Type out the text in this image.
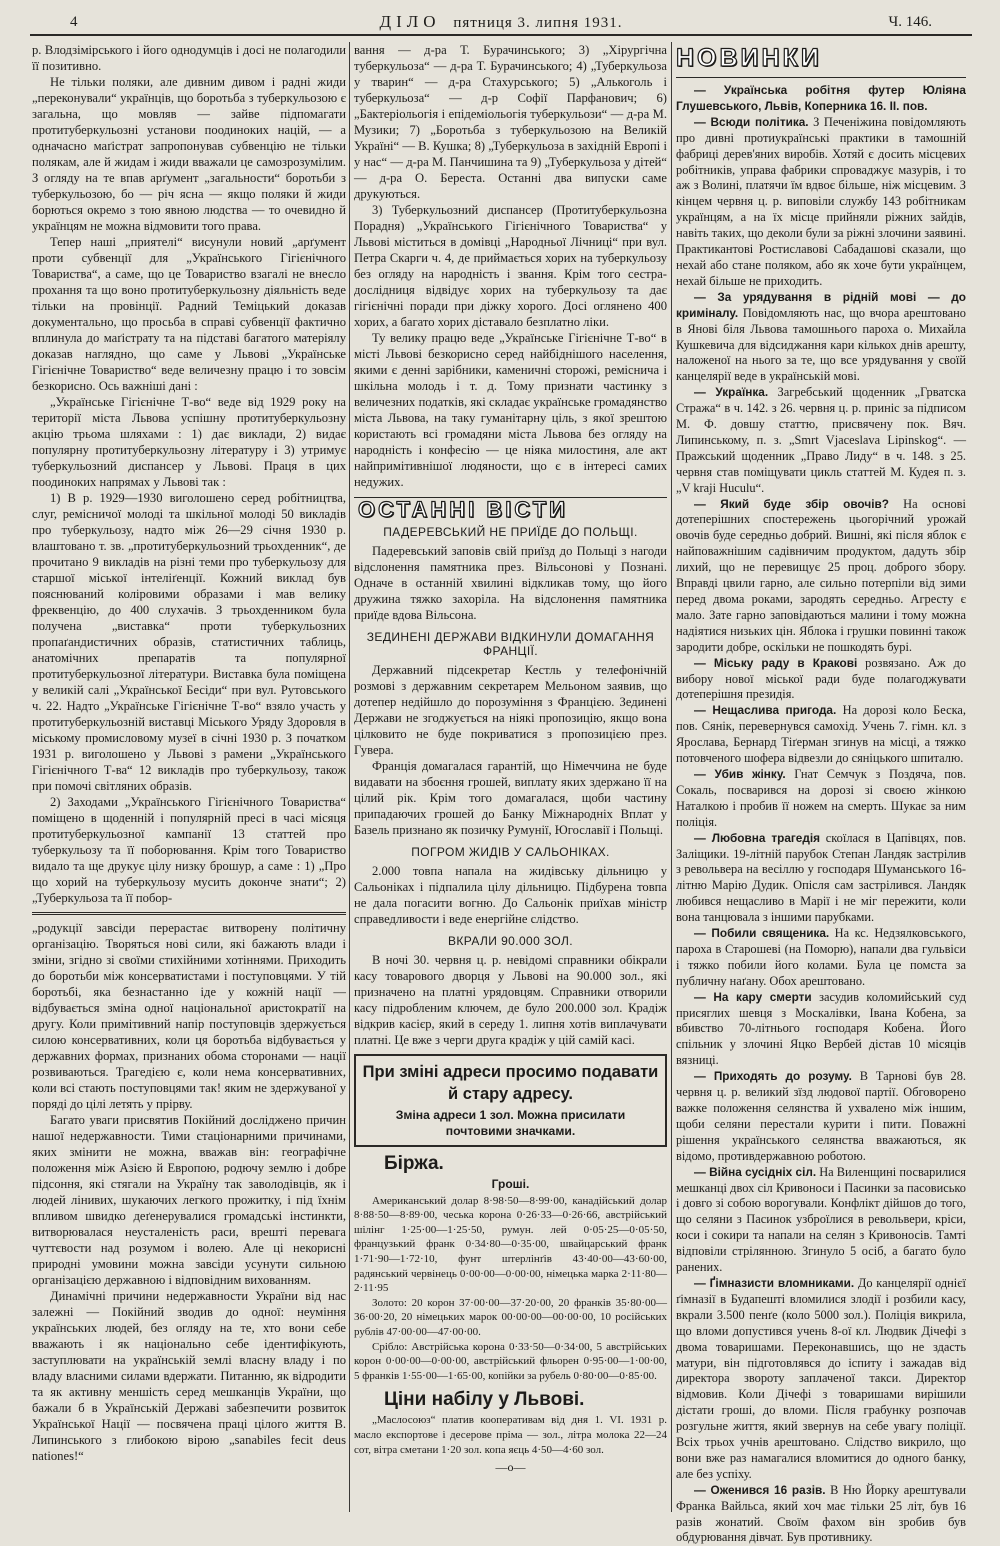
4	ДІЛО пятниця 3. липня 1931.	Ч. 146.

р. Влодзімірського і його однодумців і досі не полагодили її позитивно.

Не тільки поляки, але дивним дивом і радні жиди „переконували“ українців, що боротьба з туберкульозою є загальна, що мовляв — зайве підпомагати протитуберкульозні установи поодиноких націй, — а одначасно маґістрат запропонував субвенцію не тільки полякам, але й жидам і жиди вважали це самозрозумілим. З огляду на те впав арґумент „загальности“ боротьби з туберкульозою, бо — річ ясна — якщо поляки й жиди борються окремо з тою явною людства — то очевидно й українцям не можна відмовити того права.

Тепер наші „приятелі“ висунули новий „арґумент проти субвенції для „Українського Гігієнічного Товариства“, а саме, що це Товариство взагалі не внесло прохання та що воно протитуберкульозну діяльність веде тільки на провінції. Радний Теміцький доказав документально, що просьба в справі субвенції фактично вплинула до маґістрату та на підставі багатого матеріялу доказав наглядно, що саме у Львові „Українське Гігієнічне Товариство“ веде величезну працю і то зовсім безкорисно. Ось важніші дані :

„Українське Гігієнічне Т-во“ веде від 1929 року на території міста Львова успішну протитуберкульозну акцію трьома шляхами : 1) дає виклади, 2) видає популярну протитуберкульозну літературу і 3) утримує туберкульозний диспансер у Львові. Праця в цих поодиноких напрямах у Львові так :

1) В р. 1929—1930 виголошено серед робітництва, слуг, ремісничої молоді та шкільної молоді 50 викладів про туберкульозу, надто між 26—29 січня 1930 р. влаштовано т. зв. „протитуберкульозний трьохденник“, де прочитано 9 викладів на різні теми про туберкульозу для старшої міської інтеліґенції. Кожний виклад був пояснюваний коліровими образами і мав велику фреквенцію, до 400 слухачів. З трьохденником була получена „виставка“ проти туберкульозних пропаґандистичних образів, статистичних таблиць, анатомічних препаратів та популярної протитуберкульозної літератури. Виставка була поміщена у великій салі „Української Бесіди“ при вул. Рутовського ч. 22. Надто „Українське Гігієнічне Т-во“ взяло участь у протитуберкульозній виставці Міського Уряду Здоровля в міському промисловому музеї в січні 1930 р. З початком 1931 р. виголошено у Львові з рамени „Українського Гігієнічного Т-ва“ 12 викладів про туберкульозу, також при помочі світляних образів.

2) Заходами „Українського Гігієнічного Товариства“ поміщено в щоденній і популярній пресі в часі місяця протитуберкульозної кампанії 13 статтей про туберкульозу та її поборювання. Крім того Товариство видало та ще друкує цілу низку брошур, а саме : 1) „Про що хорий на туберкульозу мусить доконче знати“; 2) „Туберкульоза та її побор-

„родукції завсіди перерастає витворену політичну організацію. Творяться нові сили, які бажають влади і зміни, згідно зі своїми стихійними хотіннями. Приходить до боротьби між консерватистами і поступовцями. У тій боротьбі, яка безнастанно іде у кожній нації — відбувається зміна одної національної аристократії на другу. Коли примітивний напір поступовців здержується силою консервативних, коли ця боротьба відбувається у державних формах, признаних обома сторонами — нації розвиваються. Трагедією є, коли нема консервативних, коли всі стають поступовцями так! яким не здержуваної у поряді до цілі летять у прірву.

Багато уваги присвятив Покійний досліджено причин нашої недержавности. Тими стаціонарними причинами, яких змінити не можна, вважав він: географічне положення між Азією й Европою, родючу землю і добре підсоння, які стягали на Україну так заволодівців, як і людей лінивих, шукаючих легкого прожитку, і під їхнім впливом швидко деґенерувалися громадські інстинкти, витворювалася неусталеність раси, врешті перевага чуттєвости над розумом і волею. Але ці некорисні природні умовини можна завсіди усунути сильною організацією державною і відповідним вихованням.

Динамічні причини недержавности України від нас залежні — Покійний зводив до одної: неуміння українських людей, без огляду на те, хто вони себе вважають і як національно себе ідентифікують, заступлювати на українській землі власну владу і по владу власними силами вдержати. Питанню, як відродити та як активну меншість серед мешканців України, що бажали б в Українській Державі забезпечити розвиток Української Нації — посвячена праці цілого життя В. Липинського з глибокою вірою „sanabiles fecit deus nationes!“

вання — д-ра Т. Бурачинського; 3) „Хірургічна туберкульоза“ — д-ра Т. Бурачинського; 4) „Туберкульоза у тварин“ — д-ра Стахурського; 5) „Алькоголь і туберкульоза“ — д-р Софії Парфанович; 6) „Бактеріольогія і епідеміольогія туберкульози“ — д-ра М. Музики; 7) „Боротьба з туберкульозою на Великій Україні“ — В. Кушка; 8) „Туберкульоза в західній Европі і у нас“ — д-ра М. Панчишина та 9) „Туберкульоза у дітей“ — д-ра О. Береста. Останні два випуски саме друкуються.

3) Туберкульозний диспансер (Протитуберкульозна Порадня) „Українського Гігієнічного Товариства“ у Львові міститься в домівці „Народньої Лічниці“ при вул. Петра Скарги ч. 4, де приймається хорих на туберкульозу без огляду на народність і звання. Крім того сестра-дослідниця відвідує хорих на туберкульозу та дає гігієнічні поради при діжку хорого. Досі оглянено 400 хорих, а багато хорих діставало безплатно ліки.

Ту велику працю веде „Українське Гігієнічне Т-во“ в місті Львові безкорисно серед найбіднішого населення, якими є денні зарібники, каменичні сторожі, ремісничa і шкільна молодь і т. д. Тому признати частинку з величезних податків, які складає українське громадянство міста Львова, на таку гуманітарну ціль, з якої зрештою користають всі громадяни міста Львова без огляду на народність і конфесію — це ніяка милостиня, але акт найпримітивнішої людяности, що є в інтересі самих недужих.

ОСТАННІ ВІСТИ
ПАДЕРЕВСЬКИЙ НЕ ПРИЇДЕ ДО ПОЛЬЩІ.

Падеревський заповів свій приїзд до Польщі з нагоди відслонення памятника през. Вільсонові у Познані. Одначе в останній хвилині відкликав тому, що його дружина тяжко захоріла. На відслонення памятника приїде вдова Вільсона.

ЗЕДИНЕНІ ДЕРЖАВИ ВІДКИНУЛИ ДОМАГАННЯ ФРАНЦІЇ.

Державний підсекретар Кестль у телефонічній розмові з державним секретарем Мельоном заявив, що дотепер недійшло до порозуміння з Францією. Зединені Держави не згоджується на ніякі пропозицію, якщо вона цілковито не буде покриватися з пропозицією през. Гувера.

Франція домагалася гарантій, що Німеччина не буде видавати на збоєння грошей, виплату яких здержано її на цілий рік. Крім того домагалася, щоби частину припадаючих грошей до Банку Міжнародніх Вплат у Базель признано як позичку Румунії, Югославії і Польщі.

ПОГРОМ ЖИДІВ У САЛЬОНІКАХ.

2.000 товпа напала на жидівську дільницю у Сальоніках і підпалила цілу дільницю. Підбурена товпа не дала погасити вогню. До Сальонік приїхав міністр справедливости і веде енергійне слідство.

ВКРАЛИ 90.000 ЗОЛ.

В ночі 30. червня ц. р. невідомі справники обікрали касу товарового дворця у Львові на 90.000 зол., які призначено на платні урядовцям. Справники отворили касу підробленим ключем, де було 200.000 зол. Крадіж відкрив касієр, який в середу 1. липня хотів виплачувати платні. Це вже з черги друга крадіж у цій самій касі.

При зміні адреси просимо подавати й стару адресу.
Зміна адреси 1 зол. Можна присилати почтовими значками.
Біржа.
Гроші.

Американський долар 8·98·50—8·99·00, канадійський долар 8·88·50—8·89·00, чеська корона 0·26·33—0·26·66, австрійський шілінг 1·25·00—1·25·50, румун. лей 0·05·25—0·05·50, французький франк 0·34·80—0·35·00, швайцарський франк 1·71·90—1·72·10, фунт штерлінґів 43·40·00—43·60·00, радянський червінець 0·00·00—0·00·00, німецька марка 2·11·80—2·11·95

Золото: 20 корон 37·00·00—37·20·00, 20 франків 35·80·00—36·00·20, 20 німецьких марок 00·00·00—00·00·00, 10 російських рублів 47·00·00—47·00·00.

Срібло: Австрійська корона 0·33·50—0·34·00, 5 австрійських корон 0·00·00—0·00·00, австрійський фльорен 0·95·00—1·00·00, 5 франків 1·55·00—1·65·00, копійки за рубель 0·80·00—0·85·00.

Ціни набілу у Львові.

„Маслосоюз“ платив кооперативам від дня 1. VI. 1931 р. масло експортове і десерове пріма — зол., літра молока 22—24 сот, вітра сметани 1·20 зол. копа яєць 4·50—4·60 зол.

—o—
НОВИНКИ

— Українська робітня футер Юліяна Глушевського, Львів, Коперника 16. II. пов.

— Всюди політика. З Печеніжина повідомляють про дивні протиукраїнські практики в тамошній фабриці дерев'яних виробів. Хотяй є досить місцевих робітників, управа фабрики спроваджує мазурів, і то аж з Волині, платячи їм вдвоє більше, ніж місцевим. З кінцем червня ц. р. виповіли службу 143 робітникам українцям, а на їх місце прийняли ріжних зайдів, навіть таких, що деколи були за ріжні злочини заявині. Практикантові Ростиславові Сабадашові сказали, що нехай або стане поляком, або як хоче бути українцем, нехай більше не приходить.

— За урядування в рідній мові — до криміналу. Повідомляють нас, що вчора арештовано в Янові біля Львова тамошнього пароха о. Михайла Кушкевича для відсиджання кари кількох днів арешту, наложеної на нього за те, що все урядування у своїй канцелярії веде в українській мові.

— Українка. Загребський щоденник „Грватска Стража“ в ч. 142. з 26. червня ц. р. приніс за підписом М. Ф. довшу статтю, присвячену пок. Вяч. Липинському, п. з. „Smrt Vjaceslava Lipinskog“. — Пражський щоденник „Право Лиду“ в ч. 148. з 25. червня став поміщувати цикль статтей М. Кудея п. з. „V kraji Huculu“.

— Який буде збір овочів? На основі дотеперішних спостережень цьогорічний урожай овочів буде середньо добрий. Вишні, які після яблок є найповажнішим садівничим продуктом, дадуть збір лихий, що не перевищує 25 проц. доброго збору. Вправді цвили гарно, але сильно потерпіли від зими перед двома роками, зародять середньо. Агресту є мало. Зате гарно заповідаються малини і тому можна надіятися низьких цін. Яблока і грушки повинні також зародити добре, оскільки не пошкодять бурі.

— Міську раду в Кракові розвязано. Аж до вибору нової міської ради буде полагоджувати дотеперішня президія.

— Нещаслива пригода. На дорозі коло Беска, пов. Сянік, перевернувся самохід. Учень 7. гімн. кл. з Ярослава, Бернард Тіґерман згинув на місці, а тяжко потовченого шофера відвезли до сяніцького шпиталю.

— Убив жінку. Гнат Семчук з Поздяча, пов. Сокаль, посварився на дорозі зі своєю жінкою Наталкою і пробив її ножем на смерть. Шукає за ним поліція.

— Любовна трагедія скоїлася в Цапівцях, пов. Заліщики. 19-літній парубок Степан Ландяк застрілив з револьвера на весіллю у господаря Шуманського 16-літню Марію Дудик. Опісля сам застрілився. Ландяк любився нещасливо в Марії і не міг пережити, коли вона танцювала з іншими парубками.

— Побили священика. На кс. Недзялковського, пароха в Старошеві (на Поморю), напали два гульвіси і тяжко побили його колами. Була це помста за публичну наґану. Обох арештовано.

— На кару смерти засудив коломийський суд присяглих шевця з Москалівки, Івана Кобена, за вбивство 70-літнього господаря Кобена. Його спільник у злочині Яцко Вербей дістав 10 місяців вязниці.

— Приходять до розуму. В Тарнові був 28. червня ц. р. великий зїзд людової партії. Обговорено важке положення селянства й ухвалено між іншим, щоби селяни перестали курити і пити. Поважні рішення українського селянства вважаються, як відомо, противдержавною роботою.

— Війна сусідніх сіл. На Виленщині посварилися мешканці двох сіл Кривоноси і Пасинки за пасовисько і довго зі собою ворогували. Конфлікт дійшов до того, що селяни з Пасинок узброїлися в револьвери, кріси, коси і сокири та напали на селян з Кривоносів. Тамті відповіли стрілянною. Згинуло 5 осіб, а багато було ранених.

— Ґімназисти вломниками. До канцелярії однієї ґімназії в Будапешті вломилися злодії і розбили касу, вкрали 3.500 пенґе (коло 5000 зол.). Поліція викрила, що вломи допустився учень 8-ої кл. Людвик Дічефі з двома товаришами. Переконавшись, що не здасть матури, він підготовлявся до іспиту і зажадав від директора звороту заплаченої такси. Директор відмовив. Коли Дічефі з товаришами вирішили дістати гроші, до вломи. Після грабунку розпочав розгульне життя, який звернув на себе увагу поліції. Всіх трьох учнів арештовано. Слідство викрило, що вони вже раз намагалися вломитися до одного банку, але без успіху.

— Оженився 16 разів. В Ню Йорку арештували Франка Вайльса, який хоч має тільки 25 літ, був 16 разів жонатий. Своїм фахом він зробив був обдурювання дівчат. Був противнику.
